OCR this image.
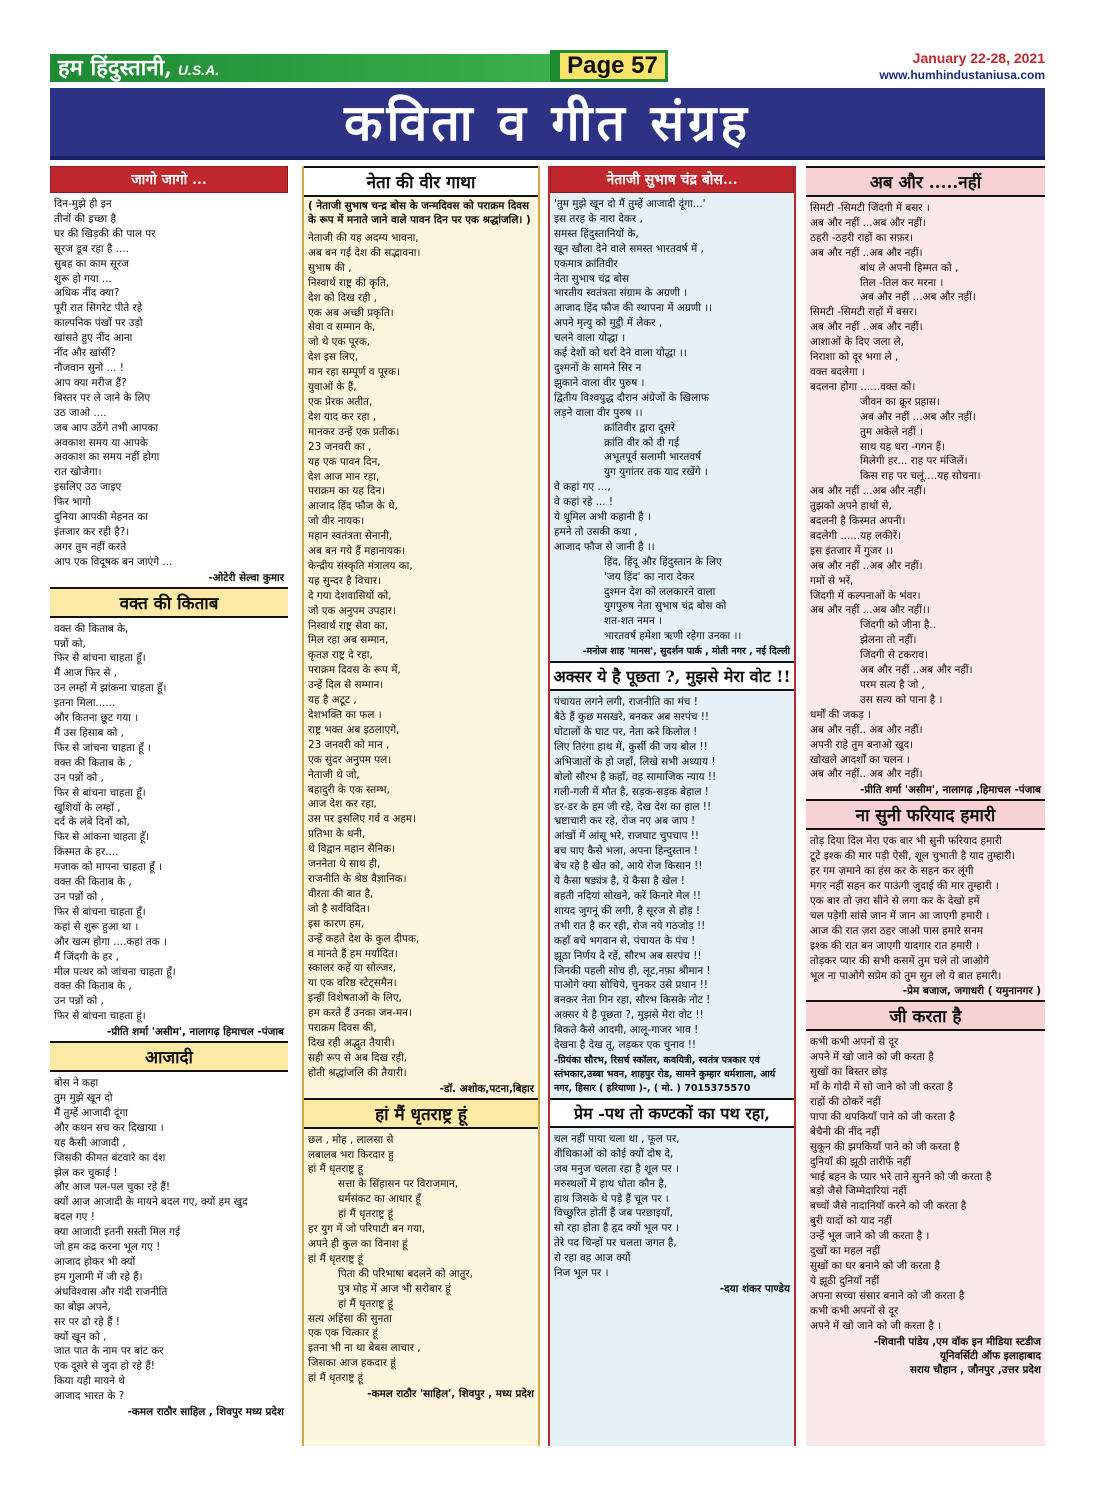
हम हिंदुस्तानी, U.S.A.	Page 57	January 22-28, 2021
www.humhindustaniusa.com
कविता व गीत संग्रह
जागो जागो ...
दिन-मुझे ही इन
तीनों की इच्छा है
घर की खिड़की की पाल पर
सूरज डूब रहा है ....
सुबह का काम सूरज
शुरू हो गया ...
अधिक नींद क्या?
पूरी रात सिगरेट पीते रहे
काल्पनिक पंखों पर उड़ो
खांसते हुए नींद आना
नींद और खांसीं?
नौजवान सुनो ... !
आप क्या मरीज हैं?
बिस्तर पर ले जाने के लिए
उठ जाओ ....
जब आप उठेंगे तभी आपका
अवकाश समय या आपके
अवकाश का समय नहीं होगा
रात खोजेगा।
इसलिए उठ जाइए
फिर भागो
दुनिया आपकी मेहनत का
इंतजार कर रही है?।
अगर तुम नहीं करते
आप एक विदूषक बन जाएंगे ...
-ओटेरी सेल्वा कुमार
वक्त की किताब
वक्त की किताब के,
पन्नों को,
फिर से बांचना चाहता हूँ।
मैं आज फिर से ,
उन लम्हों में झांकना चाहता हूँ।
इतना मिला......
और कितना छूट गया ।
मैं उस हिसाब को ,
फिर से जांचना चाहता हूँ ।
वक्त की किताब के ,
उन पन्नों को ,
फिर से बांचना चाहता हूँ।
खुशियों के लम्हों ,
दर्द के लंबे दिनों को,
फिर से आंकना चाहता हूँ।
किस्मत के हर....
मजाक को मापना चाहता हूँ ।
वक्त की किताब के ,
उन पन्नों को ,
फिर से बांचना चाहता हूँ।
कहां से शुरू हुआ था ।
और खत्म होगा ....कहां तक ।
मैं जिंदगी के हर ,
मील पत्थर को जांचना चाहता हूँ।
वक्त की किताब के ,
उन पन्नों को ,
फिर से बांचना चाहता हूं।
-प्रीति शर्मा 'असीम', नालागढ़ हिमाचल -पंजाब
आजादी
बोस ने कहा
तुम मुझे खून दो
मैं तुम्हें आजादी दूंगा
और कथन सच कर दिखाया ।
यह कैसी आजादी ,
जिसकी कीमत बंटवारे का दंश
झेल कर चुकाई !
और आज पल-पल चुका रहे हैं!
क्यों आज आजादी के मायने बदल गए, क्यों हम खुद
बदल गए !
क्या आजादी इतनी सस्ती मिल गई
जो हम कद्र करना भूल गए !
आजाद होकर भी क्यों
हम गुलामी में जी रहे हैं।
अंधविश्वास और गंदी राजनीति
का बोझ अपने,
सर पर ढो रहे हैं !
क्यों खून को ,
जात पात के नाम पर बांट कर
एक दूसरे से जुदा हो रहे हैं!
किया यही मायने थे
आजाद भारत के ?
-कमल राठौर साहिल , शिवपुर मध्य प्रदेश
नेता की वीर गाथा
( नेताजी सुभाष चन्द्र बोस के जन्मदिवस को पराक्रम दिवस के रूप में मनाते जाने वाले पावन दिन पर एक श्रद्धांजलि। )
नेताजी की यह अदम्य भावना,
अब बन गई देश की सद्भावना।
सुभाष की ,
निस्वार्थ राष्ट्र की कृति,
देश को दिख रही ,
एक अब अच्छी प्रकृति।
सेवा व सम्मान के,
जो थे एक पूरक,
देश इस लिए,
मान रहा सम्पूर्ण व पूरक।
युवाओं के हैं,
एक प्रेरक अतीत,
देश याद कर रहा ,
मानकर उन्हें एक प्रतीक।
23 जनवरी का ,
यह एक पावन दिन,
देश आज मान रहा,
पराक्रम का यह दिन।
आजाद हिंद फौज के थे,
जो वीर नायक।
महान स्वतंत्रता सेनानी,
अब बन गये हैं महानायक।
केन्द्रीय संस्कृति मंत्रालय का,
यह सुन्दर है विचार।
दे गया देशवासियों को,
जो एक अनुपम उपहार।
निस्वार्थ राष्ट्र सेवा का,
मिल रहा अब सम्मान,
कृतज्ञ राष्ट्र दे रहा,
पराक्रम दिवस के रूप में,
उन्हें दिल से सम्मान।
यह है अटूट ,
देशभक्ति का फल ।
राष्ट्र भक्त अब इठलाएगे,
23 जनवरी को मान ,
एक सुंदर अनुपम पल।
नेताजी थे जो,
बहादुरी के एक स्तम्भ,
आज देश कर रहा,
उस पर इसलिए गर्व व अहम।
प्रतिभा के धनी,
थे विद्वान महान सैनिक।
जननेता थे साथ ही,
राजनीति के श्रेष्ठ वैज्ञानिक।
वीरता की बात है,
जो है सर्वविदित।
इस कारण हम,
उन्हें कहते देश के कुल दीपक,
व मानते हैं हम मर्यादित।
स्कालर कहें या सोल्जर,
या एक वरिष्ठ स्टेट्समैन।
इन्हीं विशेषताओं के लिए,
हम करते हैं उनका जन-मन।
पराक्रम दिवस की,
दिख रही अद्भुत तैयारी।
सही रूप से अब दिख रही,
होती श्रद्धांजलि की तैयारी।
-डॉ. अशोक,पटना,बिहार
हां मैं धृतराष्ट्र हूं
छल , मोह , लालसा से
लबालब भरा किरदार हु
हां मैं धृतराष्ट्र हू
सत्ता के सिंहासन पर विराजमान,
धर्मसंकट का आधार हूँ
हां मैं धृतराष्ट्र हूं
हर युग में जो परिपाटी बन गया,
अपने ही कुल का विनाश हूं
हां मैं धृतराष्ट्र हूं
पिता की परिभाषा बदलने को आतुर,
पुत्र मोह में आज भी सरोबार हूं
हां मैं धृतराष्ट्र हूं
सत्य अहिंसा की सुनता
एक एक चित्कार हूं
इतना भी ना था बेबस लाचार ,
जिसका आज हकदार हूं
हां मैं धृतराष्ट्र हूं
-कमल राठौर 'साहिल', शिवपुर , मध्य प्रदेश
नेताजी सुभाष चंद्र बोस...
'तुम मुझे खून दो मैं तुम्हें आजादी दूंगा...'
इस तरह के नारा देकर ,
समस्त हिंदुस्तानियों के,
खून खौला देने वाले समस्त भारतवर्ष में ,
एकमात्र क्रांतिवीर
नेता सुभाष चंद्र बोस
भारतीय स्वतंत्रता संग्राम के अग्रणी ।
आजाद हिंद फौज की स्थापना में अग्रणी ।।
अपने मृत्यु को मुट्ठी में लेकर ,
चलने वाला योद्धा ।
कई देशों को थर्रा देने वाला योद्धा ।।
दुश्मनों के सामने सिर न
झुकाने वाला वीर पुरुष ।
द्वितीय विश्वयुद्ध दौरान अंग्रेजों के खिलाफ
लड़ने वाला वीर पुरुष ।।
क्रांतिवीर द्वारा दूसरे
क्रांति वीर को दी गई
अभूतपूर्व सलामी भारतवर्ष
युग युगांतर तक याद रखेंगे ।
वे कहां गए ...,
वे कहां रहे ... !
ये धूमिल अभी कहानी है ।
हमने तो उसकी कथा ,
आजाद फौज से जानी है ।।
हिंद, हिंदू और हिंदुस्तान के लिए
'जय हिंद' का नारा देकर
दुश्मन देश को ललकारने वाला
युगपुरुष नेता सुभाष चंद्र बोस को
शत-शत नमन ।
भारतवर्ष हमेशा ऋणी रहेगा उनका ।।
-मनोज शाह 'मानस', सुदर्शन पार्क , मोती नगर , नई दिल्ली
अक्सर ये है पूछता ?, मुझसे मेरा वोट !!
पंचायत लगने लगी, राजनीति का मंच !
बैठे हैं कुछ मसखरे, बनकर अब सरपंच !!
घोटालों के घाट पर, नेता करे किलोल !
लिए तिरंगा हाथ में, कुर्सी की जय बोल !!
अभिजातों के हो जहाँ, लिखे सभी अध्याय !
बोलो सौरभ है कहाँ, वह सामाजिक न्याय !!
गली-गली में मौत है, सड़क-सड़क बेहाल !
डर-डर के हम जी रहे, देख देश का हाल !!
भ्रष्टाचारी कर रहे, रोज नए अब जाप !
आंखों में आंसू भरे, राजघाट चुपचाप !!
बच पाए कैसे भला, अपना हिन्दुस्तान !
बेच रहे है खेत को, आये रोज किसान !!
ये कैसा षड्यंत्र है, ये कैसा है खेल !
बहती नदियां सोखने, करें किनारे मेल !!
शायद जुगनूं की लगी, है सूरज से होड़ !
तभी रात है कर रही, रोज नये गठजोड़ !!
कहाँ बचे भगवान से, पंचायत के पंच !
झूठा निर्णय दे रहें, सौरभ अब सरपंच !!
जिनकी पहली सोच ही, लूट,नफ़ा श्रीमान !
पाओगे क्या सोचिये, चुनकर उसे प्रधान !!
बनकर नेता गिन रहा, सौरभ किसके नोट !
अक्सर ये है पूछता ?, मुझसे मेरा वोट !!
बिकते कैसे आदमी, आलू-गाजर भाव !
देखना है देख तू, लड़कर एक चुनाव !!
-प्रियंका सौरभ, रिसर्च स्कॉलर, कवयित्री, स्वतंत्र पत्रकार एवं स्तंभकार,उब्बा भवन, शाहपुर रोड, सामने कुम्हार धर्मशाला, आर्य नगर, हिसार ( हरियाणा )-, ( मो. ) 7015375570
प्रेम -पथ तो कण्टकों का पथ रहा,
चल नहीं पाया चला था , फूल पर,
वीथिकाओं को कोई क्यों दोष दे,
जब मनुज चलता रहा है शूल पर ।
मरुस्थलों में हाथ धोता कौन है,
हाथ जिसके थे पड़े हैं चूल पर ।
विच्छुरित होतीं हैं जब परछाइयाँ,
सो रहा होता है हृद क्यों भूल पर ।
तेरे पद चिन्हों पर चलता जगत है,
रो रहा वह आज क्यों
निज भूल पर ।
-दया शंकर पाण्डेय
अब और .....नहीं
सिमटी -सिमटी जिंदगी में बसर ।
अब और नहीं ...अब और नहीं।
ठहरी -ठहरी राहों का सफ़र।
अब और नहीं ..अब और नहीं।
बांध ले अपनी हिम्मत को ,
तिल -तिल कर मरना ।
अब और नहीं ...अब और नहीं।
सिमटी -सिमटी राहों में बसर।
अब और नहीं ..अब और नहीं।
आशाओं के दिए जला ले,
निराशा को दूर भगा ले ,
वक्त बदलेगा ।
बदलना होगा ......वक्त को।
जीवन का क्रूर प्रहास।
अब और नहीं ...अब और नहीं।
तुम अकेले नहीं ।
साथ यह धरा -गगन हैं।
मिलेगी हर... राह पर मंजिलें।
किस राह पर चलूं....यह सोचना।
अब और नहीं ...अब और नहीं।
तुझको अपने हाथों से,
बदलनी है किस्मत अपनी।
बदलेगी ......यह लकीरें।
इस इंतजार में गुजर ।।
अब और नहीं ..अब और नहीं।
गमों से भरें,
जिंदगी में कल्पनाओं के भंवर।
अब और नहीं ...अब और नहीं।।
जिंदगी को जीना है..
झेलना तो नहीं।
जिंदगी से टकराव।
अब और नहीं ..अब और नहीं।
परम सत्य है जो ,
उस सत्य को पाना है ।
धर्मों की जकड़ ।
अब और नहीं.. अब और नहीं।
अपनी राहे तुम बनाओ खुद।
खोखले आदर्शों का चलन ।
अब और नहीं.. अब और नहीं।
-प्रीति शर्मा 'असीम', नालागढ़ ,हिमाचल -पंजाब
ना सुनी फरियाद हमारी
तोड़ दिया दिल मेरा एक बार भी सुनी फरियाद हमारी
टूटे इश्क की मार पड़ी ऐसी, शूल चुभाती है याद तुम्हारी।
हर गम ज़माने का हंस कर के सहन कर लूंगी
मगर नहीं सहन कर पाऊंगी जुदाई की मार तुम्हारी ।
एक बार तो ज़रा सीने से लगा कर के देखो हमें
चल पड़ेगी सांसे जान में जान आ जाएगी हमारी ।
आज की रात ज़रा ठहर जाओ पास हमारे सनम
इश्क की रात बन जाएगी यादगार रात हमारी ।
तोड़कर प्यार की सभी कसमें तुम चले तो जाओगे
भूल ना पाओगे सप्रेम को तुम सुन लो ये बात हमारी।
-प्रेम बजाज, जगाधरी ( यमुनानगर )
जी करता है
कभी कभी अपनों से दूर
अपने में खो जाने को जी करता है
सुखों का बिस्तर छोड़
माँ के गोदी में सो जाने को जी करता है
राहों की ठोकरें नहीं
पापा की थपकियाँ पाने को जी करता है
बेचैनी की नींद नहीं
सुकून की झपकियाँ पाने को जी करता है
दुनियाँ की झूठी तारीफें नहीं
भाई बहन के प्यार भरे ताने सुनने को जी करता है
बड़ो जैसे जिम्मेदारियां नहीं
बच्चों जैसे नादानियाँ करने को जी करता है
बुरी यादों को याद नहीं
उन्हें भूल जाने को जी करता है ।
दुखों का महल नहीं
सुखों का घर बनाने को जी करता है
ये झूठी दुनियाँ नहीं
अपना सच्चा संसार बनाने को जी करता है
कभी कभी अपनों से दूर
अपने में खो जाने को जी करता है ।
-शिवानी पांडेय ,एम वॉक इन मीडिया स्टडीज
यूनिवर्सिटी ऑफ इलाहाबाद
सराय चौहान , जौनपुर ,उत्तर प्रदेश
